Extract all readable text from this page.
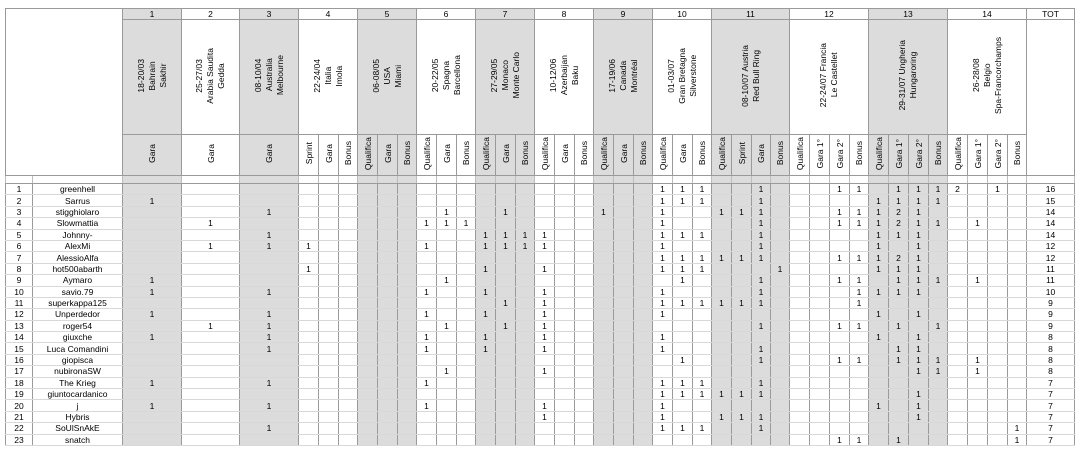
		1	2	3	4			5			6			7			8			9			10			11				12				13				14				TOT

		18-20/03 Bahrain Sakhir	25-27/03 Arabia Saudita Gedda	08-10/04 Australia Melbourne	22-24/04 Italia Imola			06-08/05 USA Miami			20-22/05 Spagna Barcellona			27-29/05 Monaco Monte Carlo			10-12/06 Azerbaijan Baku			17-19/06 Canada Montréal			01-03/07 Gran Bretagna Silverstone			08-10/07 Austria Red Bull Ring				22-24/07 Francia Le Castellet				29-31/07 Ungheria Hungaroring				26-28/08 Belgio Spa-Francorchamps				

		Gara	Gara	Gara	Sprint	Gara	Bonus	Qualifica	Gara	Bonus	Qualifica	Gara	Bonus	Qualifica	Gara	Bonus	Qualifica	Gara	Bonus	Qualifica	Gara	Bonus	Qualifica	Gara	Bonus	Qualifica	Sprint	Gara	Bonus	Qualifica	Gara 1°	Gara 2°	Bonus	Qualifica	Gara 1°	Gara 2°	Bonus	Qualifica	Gara 1°	Gara 2°	Bonus	

1	greenhell																						1	1	1			1				1	1		1	1	1	2		1		16
2	Sarrus	1																					1	1	1			1						1	1	1	1					15
3	stigghiolaro			1								1			1					1			1			1	1	1				1	1	1	2	1						14
4	Slowmattia		1								1	1	1										1					1				1	1	1	2	1	1		1			14
5	Johnny-			1										1	1	1	1						1	1	1			1						1	1	1						14
6	AlexMi		1	1	1						1			1	1	1	1						1					1						1		1						12
7	AlessioAlfa																						1	1	1	1	1	1				1	1	1	2	1						12
8	hot500abarth				1									1			1						1	1	1				1					1	1	1						11
9	Aymaro	1										1												1				1				1	1		1	1	1		1			11
10	savio.79	1		1							1			1			1						1					1					1	1	1	1						10
11	superkappa125														1		1						1	1	1	1	1	1					1									9
12	Unperdedor	1		1							1			1			1						1											1		1						9
13	roger54		1	1								1			1		1											1				1	1		1		1					9
14	giuxche	1		1							1			1			1						1											1		1						8
15	Luca Comandini			1							1			1			1						1					1							1	1						8
16	giopisca																							1				1				1	1		1	1	1		1			8
17	nubironaSW											1					1																			1	1		1			8
18	The Krieg	1		1							1												1	1	1			1														7
19	giuntocardanico																						1	1	1	1	1	1								1						7
20	j	1		1							1						1						1											1		1						7
21	Hybris																1						1			1	1	1								1						7
22	SoUlSnAkE			1																			1	1	1			1													1	7
23	snatch																															1	1		1						1	7
